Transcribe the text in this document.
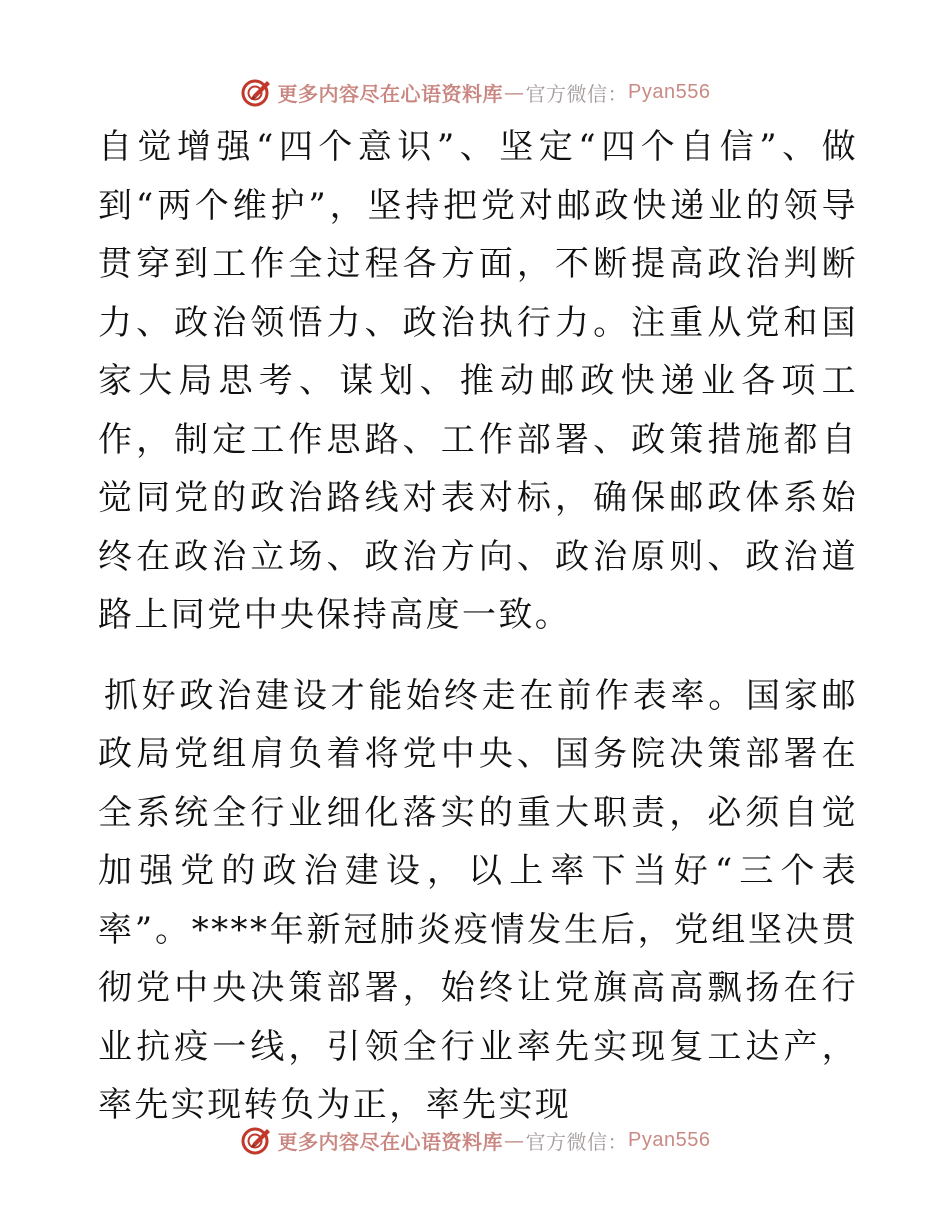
更多内容尽在心语资料库 — 官方微信： Pyan556

自觉增强“四个意识”、坚定“四个自信”、做到“两个维护”，坚持把党对邮政快递业的领导贯穿到工作全过程各方面，不断提高政治判断力、政治领悟力、政治执行力。注重从党和国家大局思考、谋划、推动邮政快递业各项工作，制定工作思路、工作部署、政策措施都自觉同党的政治路线对表对标，确保邮政体系始终在政治立场、政治方向、政治原则、政治道路上同党中央保持高度一致。

抓好政治建设才能始终走在前作表率。国家邮政局党组肩负着将党中央、国务院决策部署在全系统全行业细化落实的重大职责，必须自觉加强党的政治建设，以上率下当好“三个表率”。****年新冠肺炎疫情发生后，党组坚决贯彻党中央决策部署，始终让党旗高高飘扬在行业抗疫一线，引领全行业率先实现复工达产，率先实现转负为正，率先实现

更多内容尽在心语资料库 — 官方微信： Pyan556
